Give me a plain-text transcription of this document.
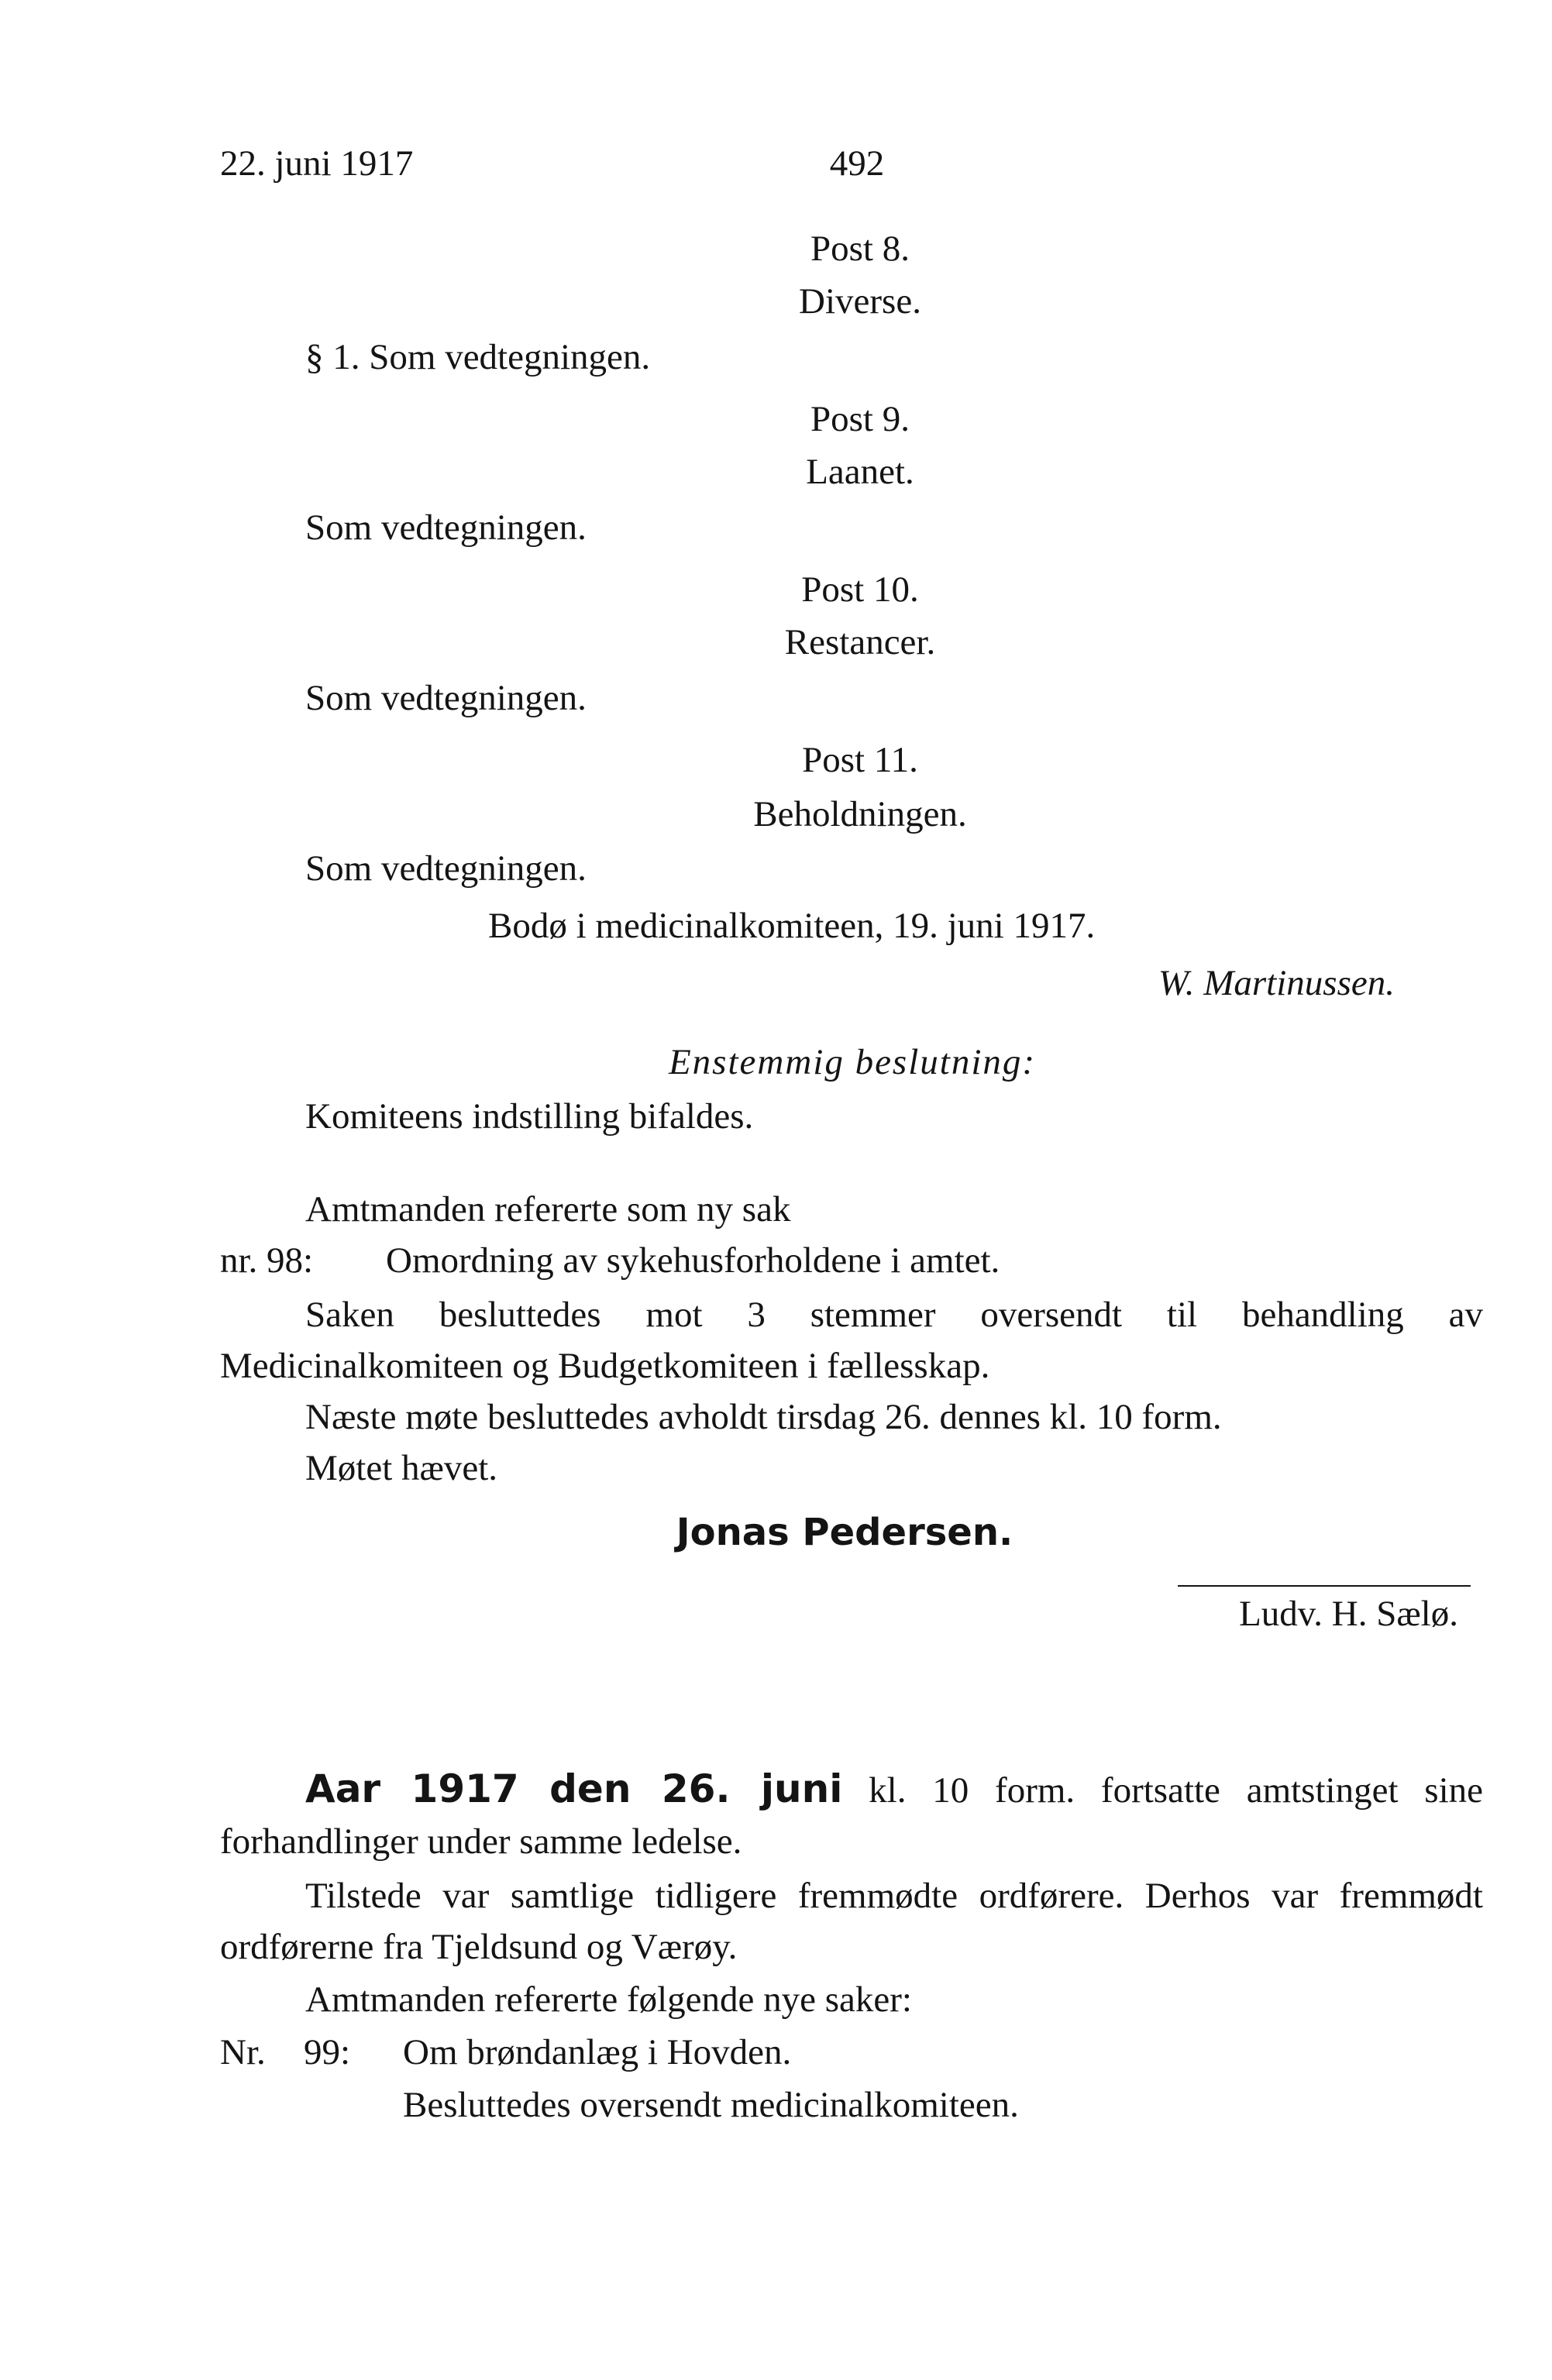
22. juni 1917	492

Post 8.

Diverse.

Post 9.

Laanet.

Post 10.

Restancer.

Post 11.

Beholdningen.

§ 1. Som vedtegningen.

Som vedtegningen.

Som vedtegningen.

Som vedtegningen.

Bodø i medicinalkomiteen, 19. juni 1917.

W. Martinussen.

Enstemmig beslutning:

Komiteens indstilling bifaldes.

Amtmanden refererte som ny sak

nr. 98: Omordning av sykehusforholdene i amtet.

Saken besluttedes mot 3 stemmer oversendt til behandling av Medicinalkomiteen og Budgetkomiteen i fællesskap.

Næste møte besluttedes avholdt tirsdag 26. dennes kl. 10 form.

Møtet hævet.

Jonas Pedersen.

Ludv. H. Sælø.

Aar 1917 den 26. juni kl. 10 form. fortsatte amtstinget sine forhandlinger under samme ledelse.

Tilstede var samtlige tidligere fremmødte ordførere. Derhos var fremmødt ordførerne fra Tjeldsund og Værøy.

Amtmanden refererte følgende nye saker:

Nr. 99: Om brøndanlæg i Hovden.

Besluttedes oversendt medicinalkomiteen.
